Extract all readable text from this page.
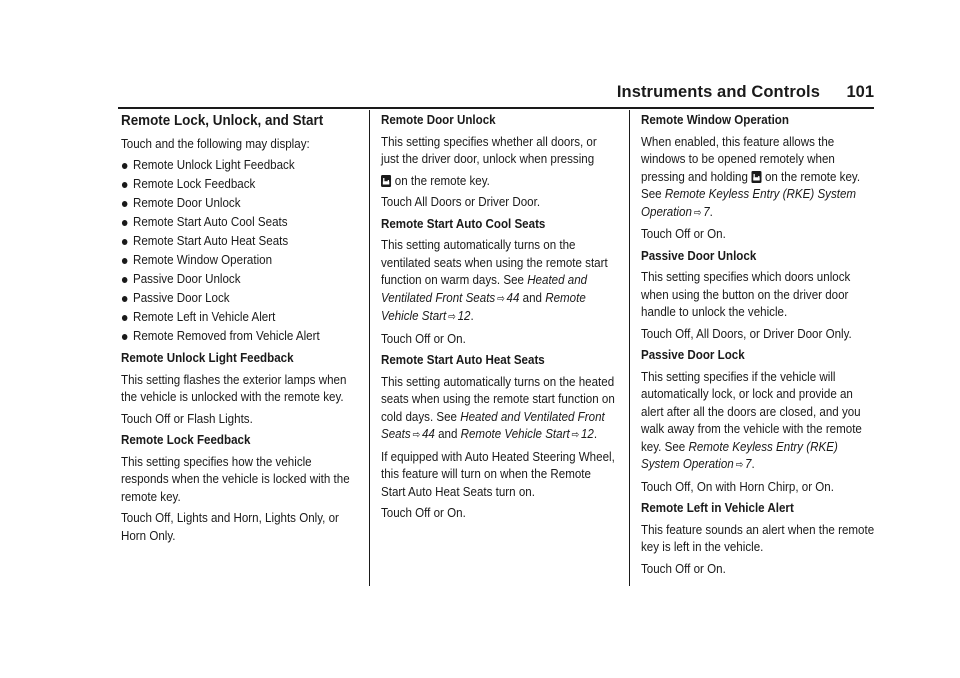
Instruments and Controls 101
Remote Lock, Unlock, and Start

Touch and the following may display:

Remote Unlock Light Feedback
Remote Lock Feedback
Remote Door Unlock
Remote Start Auto Cool Seats
Remote Start Auto Heat Seats
Remote Window Operation
Passive Door Unlock
Passive Door Lock
Remote Left in Vehicle Alert
Remote Removed from Vehicle Alert
Remote Unlock Light Feedback

This setting flashes the exterior lamps when the vehicle is unlocked with the remote key.

Touch Off or Flash Lights.

Remote Lock Feedback

This setting specifies how the vehicle responds when the vehicle is locked with the remote key.

Touch Off, Lights and Horn, Lights Only, or Horn Only.

Remote Door Unlock

This setting specifies whether all doors, or just the driver door, unlock when pressing

on the remote key.

Touch All Doors or Driver Door.

Remote Start Auto Cool Seats

This setting automatically turns on the ventilated seats when using the remote start function on warm days. See Heated and Ventilated Front Seats ⇨ 44 and Remote Vehicle Start ⇨ 12.

Touch Off or On.

Remote Start Auto Heat Seats

This setting automatically turns on the heated seats when using the remote start function on cold days. See Heated and Ventilated Front Seats ⇨ 44 and Remote Vehicle Start ⇨ 12.

If equipped with Auto Heated Steering Wheel, this feature will turn on when the Remote Start Auto Heat Seats turn on.

Touch Off or On.

Remote Window Operation

When enabled, this feature allows the windows to be opened remotely when pressing and holding on the remote key. See Remote Keyless Entry (RKE) System Operation ⇨ 7.

Touch Off or On.

Passive Door Unlock

This setting specifies which doors unlock when using the button on the driver door handle to unlock the vehicle.

Touch Off, All Doors, or Driver Door Only.

Passive Door Lock

This setting specifies if the vehicle will automatically lock, or lock and provide an alert after all the doors are closed, and you walk away from the vehicle with the remote key. See Remote Keyless Entry (RKE) System Operation ⇨ 7.

Touch Off, On with Horn Chirp, or On.

Remote Left in Vehicle Alert

This feature sounds an alert when the remote key is left in the vehicle.

Touch Off or On.
